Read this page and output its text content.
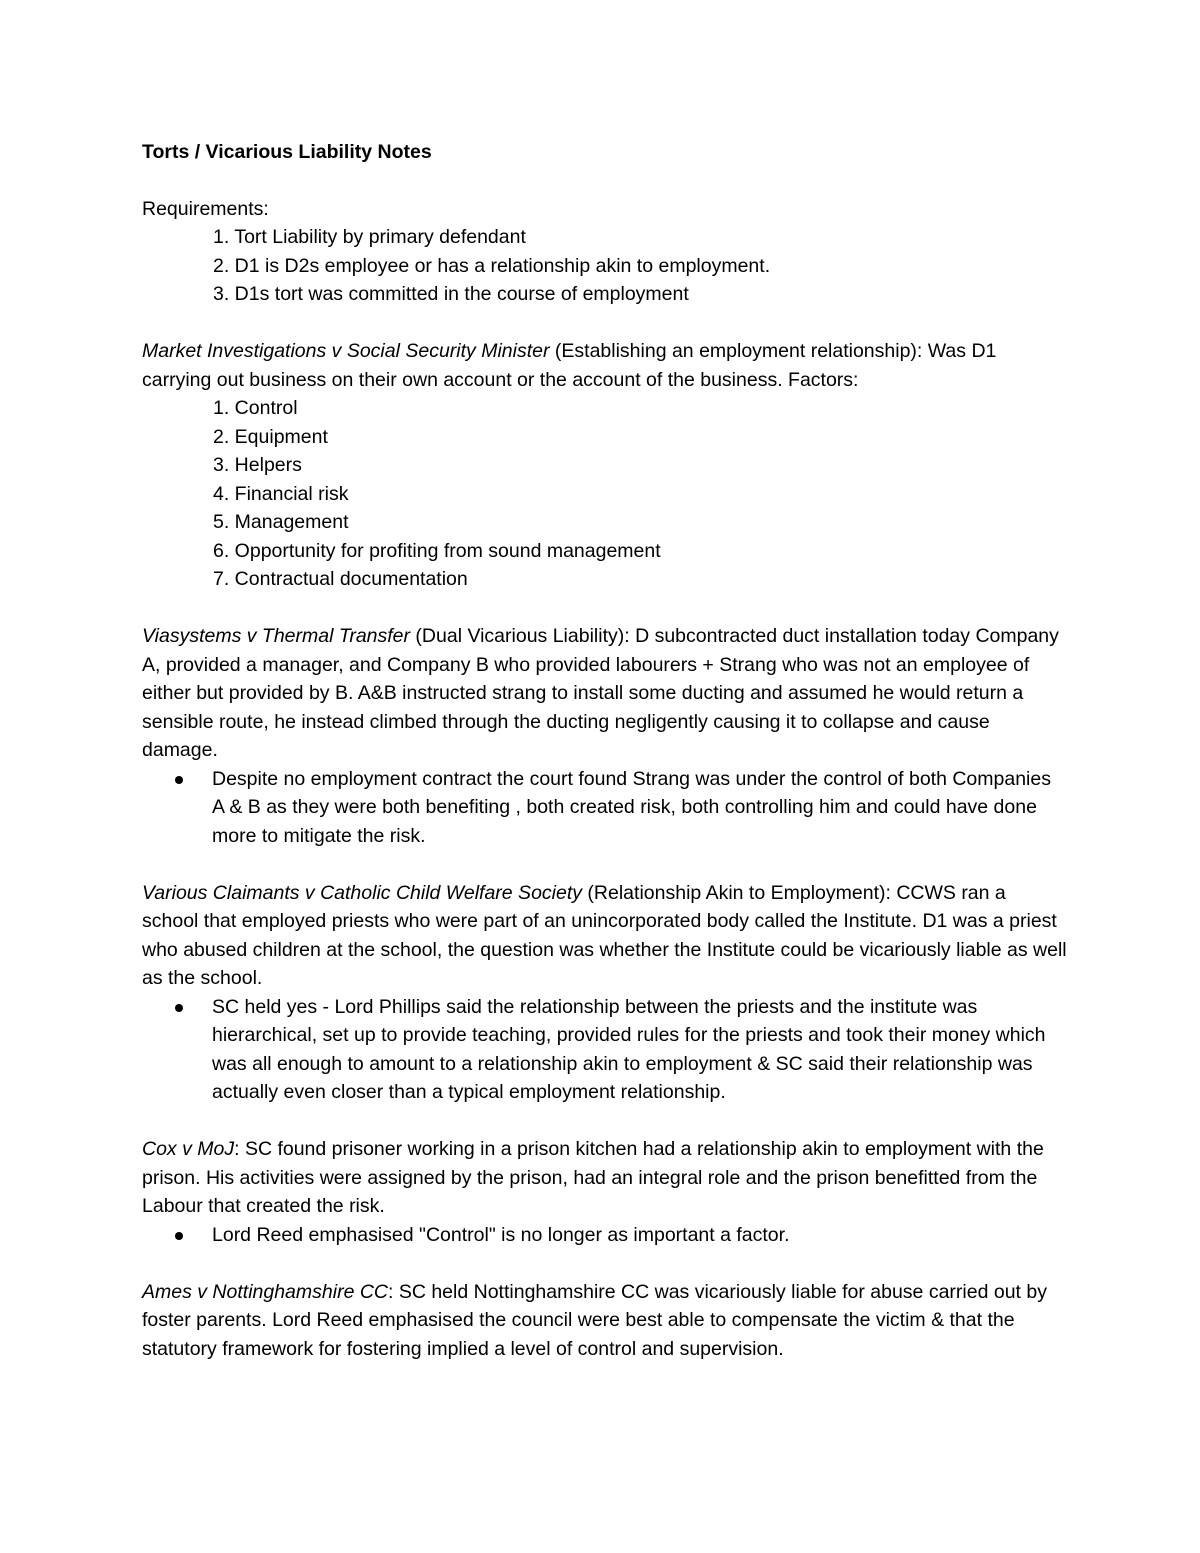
Torts / Vicarious Liability Notes

Requirements:

1. Tort Liability by primary defendant
2. D1 is D2s employee or has a relationship akin to employment.
3. D1s tort was committed in the course of employment

Market Investigations v Social Security Minister (Establishing an employment relationship): Was D1 carrying out business on their own account or the account of the business. Factors:

1. Control
2. Equipment
3. Helpers
4. Financial risk
5. Management
6. Opportunity for profiting from sound management
7. Contractual documentation

Viasystems v Thermal Transfer (Dual Vicarious Liability): D subcontracted duct installation today Company A, provided a manager, and Company B who provided labourers + Strang who was not an employee of either but provided by B. A&B instructed strang to install some ducting and assumed he would return a sensible route, he instead climbed through the ducting negligently causing it to collapse and cause damage.

Despite no employment contract the court found Strang was under the control of both Companies A & B as they were both benefiting , both created risk, both controlling him and could have done more to mitigate the risk.

Various Claimants v Catholic Child Welfare Society (Relationship Akin to Employment): CCWS ran a school that employed priests who were part of an unincorporated body called the Institute. D1 was a priest who abused children at the school, the question was whether the Institute could be vicariously liable as well as the school.

SC held yes - Lord Phillips said the relationship between the priests and the institute was hierarchical, set up to provide teaching, provided rules for the priests and took their money which was all enough to amount to a relationship akin to employment & SC said their relationship was actually even closer than a typical employment relationship.

Cox v MoJ: SC found prisoner working in a prison kitchen had a relationship akin to employment with the prison. His activities were assigned by the prison, had an integral role and the prison benefitted from the Labour that created the risk.

Lord Reed emphasised "Control" is no longer as important a factor.

Ames v Nottinghamshire CC: SC held Nottinghamshire CC was vicariously liable for abuse carried out by foster parents. Lord Reed emphasised the council were best able to compensate the victim & that the statutory framework for fostering implied a level of control and supervision.
